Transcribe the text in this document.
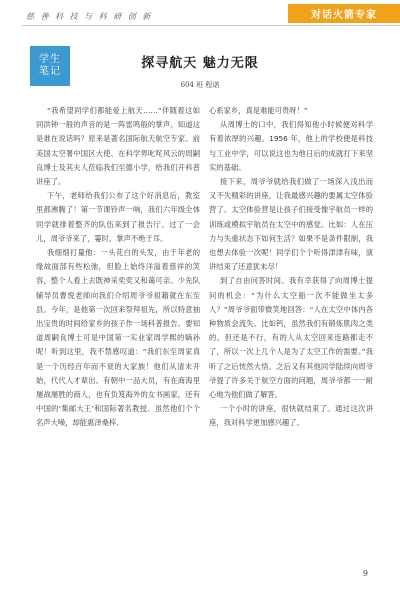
慈 善 科 技 与 科 研 创 新	对话火箭专家
学生
笔记
探寻航天 魅力无限
604 班 程诺

“我希望同学们都能爱上航天……”伴随着这如同洪钟一般的声音的是一阵雷鸣般的掌声。知道这是谁在说话吗？原来是著名国际航天航空专家、前美国太空署中国区大使、在科学界叱咤风云的周嗣良博士及其夫人莅临我们至德小学，给我们开科普讲座了。

下午，老师给我们公布了这个好消息后，教室里都沸腾了！第一节课铃声一响，我们六年级全体同学就排着整齐的队伍来到了报告厅。过了一会儿，周爷爷来了，霎时，掌声不绝于耳。

我细细打量他：一头花白的头发，由于年老的缘故面部有些松弛，但脸上始终洋溢着慈祥的笑容，整个人看上去既神采奕奕又和蔼可亲。少先队辅导员曹悦老师向我们介绍周爷爷祖籍就在东至县。今年，是他第一次回来祭拜祖先，所以特意抽出宝贵的时间给家乡的孩子作一场科普报告。要知道周嗣良博士可是中国第一实业家周学熙的嫡孙呢！听到这里，我不禁感叹道：“我们东至周家真是一个历经百年而不衰的大家族！他们从清末开始，代代人才辈出。有朝中一品大员，有在商海里屡战屡胜的商人，也有负笈海外的女书画家，还有中国的‘集邮大王’和国际著名教授。虽然他们个个名声大噪，却能惠泽桑梓、

心系家乡，真是难能可贵呀！”

从周博士的口中，我们得知他小时候便对科学有着浓厚的兴趣。1956 年，他上的学校便是科技与工业中学，可以说这也为他日后的成就打下来坚实的基础。

接下来，周爷爷就给我们做了一场深入浅出而又不失精彩的讲座，让我最感兴趣的要属太空体验营了。太空体验营是让孩子们接受像宇航员一样的训练或模拟宇航员在太空中的感觉。比如：人在压力与失重状态下如何生活？如果不是条件限制，我也想去体验一次呢！同学们个个听得津津有味，演讲结束了还意犹未尽！

到了自由问答时间。我有幸获得了向周博士提问的机会：“为什么太空船一次不能做坐太多人？”周爷爷面带微笑地回答：“人在太空中体内各种物质会流失。比如钙，虽然我们有锻炼肌肉之类的，但还是不行，有的人从太空回来连路都走不了，所以一次上几个人是为了太空工作的需要。”我听了之后恍然大悟。之后又有其他同学陆续向周爷爷提了许多关于航空方面的问题，周爷爷都一一耐心地为他们做了解答。

一个小时的讲座，很快就结束了。通过这次讲座，我对科学更加感兴趣了。

9
